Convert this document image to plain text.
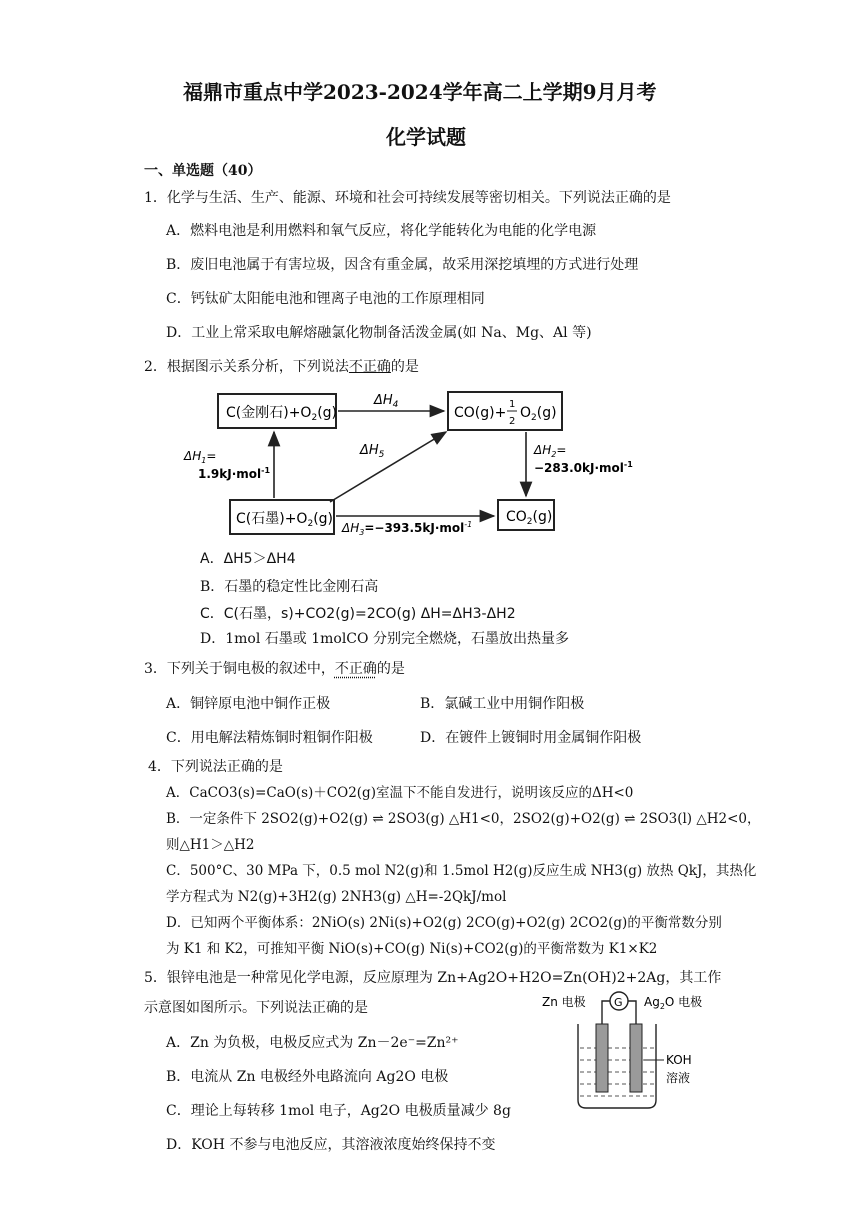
福鼎市重点中学2023-2024学年高二上学期9月月考
化学试题
一、单选题（40）
1．化学与生活、生产、能源、环境和社会可持续发展等密切相关。下列说法正确的是
A．燃料电池是利用燃料和氧气反应，将化学能转化为电能的化学电源
B．废旧电池属于有害垃圾，因含有重金属，故采用深挖填埋的方式进行处理
C．钙钛矿太阳能电池和锂离子电池的工作原理相同
D．工业上常采取电解熔融氯化物制备活泼金属(如 Na、Mg、Al 等)
2．根据图示关系分析，下列说法不正确的是
C(金刚石)$+O_2(g)$	CO(g)+
1
2
$O_2(g)$
C(石墨)$+O_2(g)$	$CO_2(g)$
$\Delta H_4$
$\Delta H_1=$
1.9kJ·mol$^{-1}$
$\Delta H_5$	$\Delta H_2=$
−283.0kJ·mol$^{-1}$
$\Delta H_3=-393.5kJ\cdot mol^{-1}$
A．ΔH5＞ΔH4
B．石墨的稳定性比金刚石高
C．C(石墨，s)+CO2(g)=2CO(g) ΔH=ΔH3-ΔH2
D．1mol 石墨或 1molCO 分别完全燃烧，石墨放出热量多
3．下列关于铜电极的叙述中，不正确的是
A．铜锌原电池中铜作正极	B．氯碱工业中用铜作阳极
C．用电解法精炼铜时粗铜作阳极	D．在镀件上镀铜时用金属铜作阳极
4．下列说法正确的是
A．CaCO3(s)=CaO(s)＋CO2(g)室温下不能自发进行，说明该反应的ΔH<0
B．一定条件下 2SO2(g)+O2(g) ⇌ 2SO3(g) △H1<0，2SO2(g)+O2(g) ⇌ 2SO3(l) △H2<0，
则△H1＞△H2
C．500°C、30 MPa 下，0.5 mol N2(g)和 1.5mol H2(g)反应生成 NH3(g) 放热 QkJ，其热化
学方程式为 N2(g)+3H2(g) 2NH3(g) △H=-2QkJ/mol
D．已知两个平衡体系：2NiO(s) 2Ni(s)+O2(g) 2CO(g)+O2(g) 2CO2(g)的平衡常数分别
为 K1 和 K2，可推知平衡 NiO(s)+CO(g) Ni(s)+CO2(g)的平衡常数为 K1×K2
5．银锌电池是一种常见化学电源，反应原理为 Zn+Ag2O+H2O=Zn(OH)2+2Ag，其工作
示意图如图所示。下列说法正确的是
A．Zn 为负极，电极反应式为 Zn－2e⁻=Zn²⁺
B．电流从 Zn 电极经外电路流向 Ag2O 电极
C．理论上每转移 1mol 电子，Ag2O 电极质量减少 8g
D．KOH 不参与电池反应，其溶液浓度始终保持不变
Zn 电极	$Ag_2O$ 电极
G
KOH
溶液
